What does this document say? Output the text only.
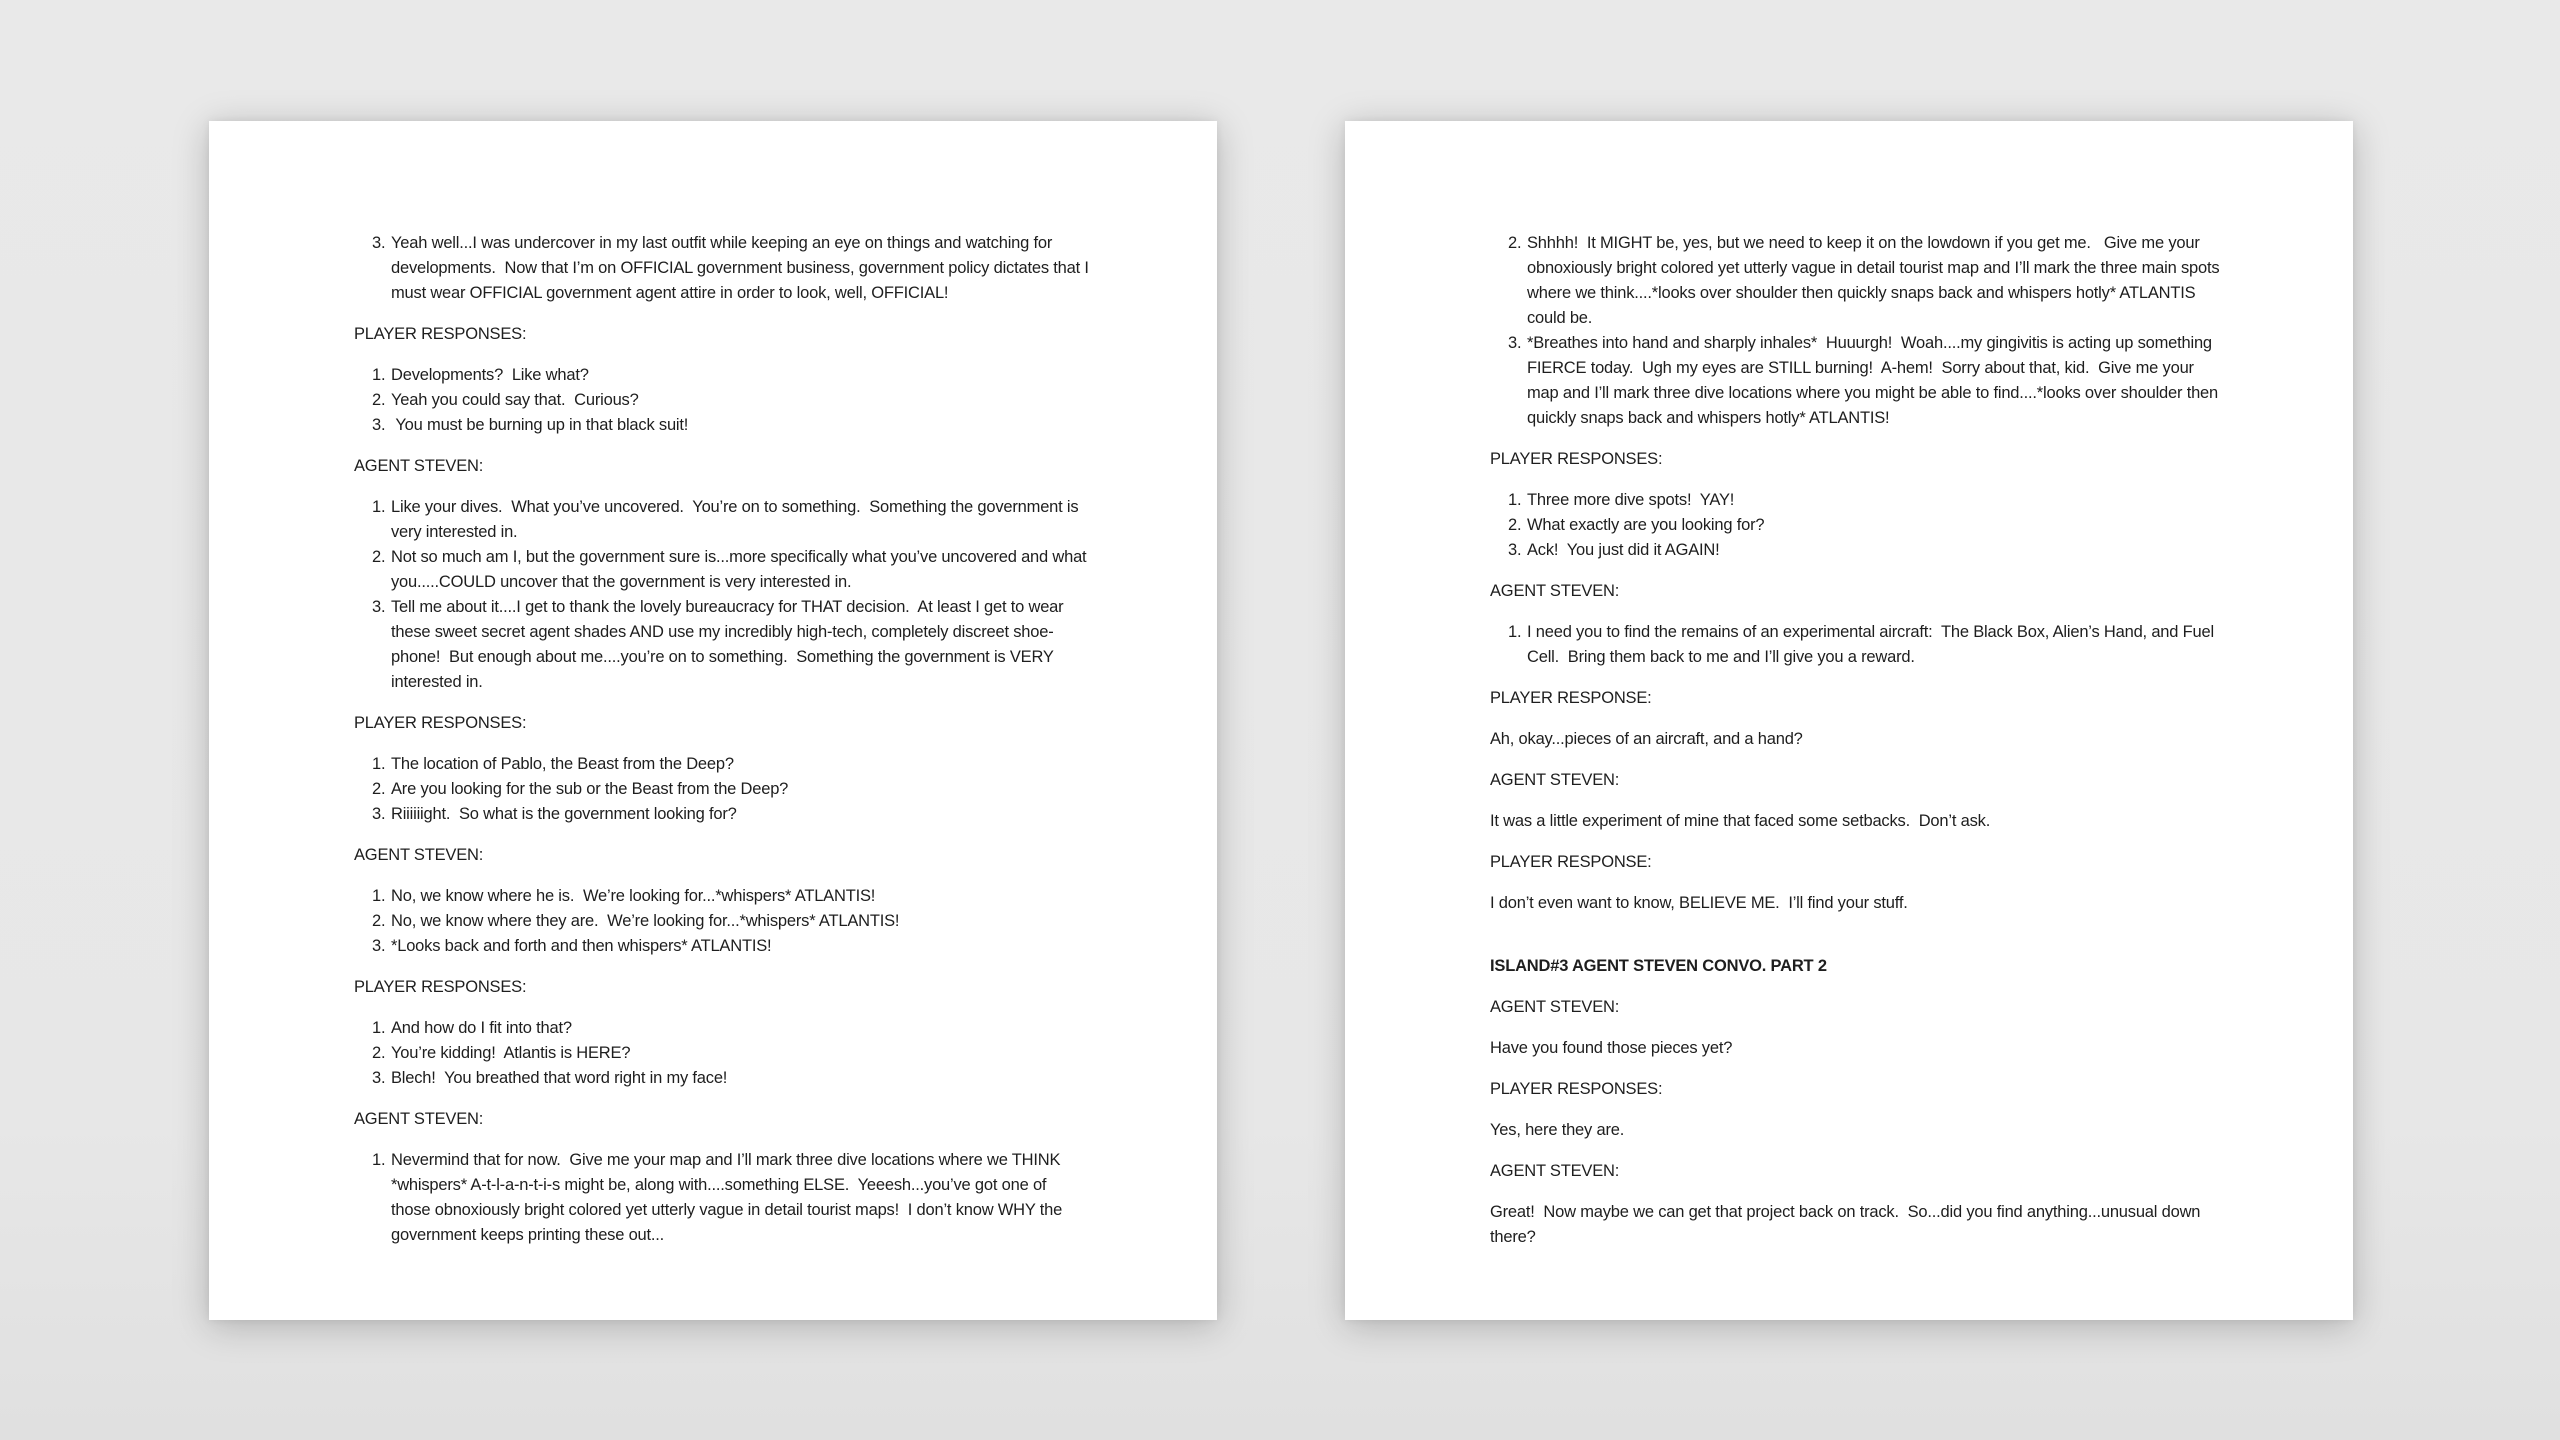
3. Yeah well...I was undercover in my last outfit while keeping an eye on things and watching for developments.  Now that I’m on OFFICIAL government business, government policy dictates that I must wear OFFICIAL government agent attire in order to look, well, OFFICIAL!

PLAYER RESPONSES:

1. Developments?  Like what?
2. Yeah you could say that.  Curious?
3. You must be burning up in that black suit!

AGENT STEVEN:

1. Like your dives.  What you’ve uncovered.  You’re on to something.  Something the government is very interested in.
2. Not so much am I, but the government sure is...more specifically what you’ve uncovered and what you.....COULD uncover that the government is very interested in.
3. Tell me about it....I get to thank the lovely bureaucracy for THAT decision.  At least I get to wear these sweet secret agent shades AND use my incredibly high-tech, completely discreet shoe-phone!  But enough about me....you’re on to something.  Something the government is VERY interested in.

PLAYER RESPONSES:

1. The location of Pablo, the Beast from the Deep?
2. Are you looking for the sub or the Beast from the Deep?
3. Riiiiiight.  So what is the government looking for?

AGENT STEVEN:

1. No, we know where he is.  We’re looking for...*whispers* ATLANTIS!
2. No, we know where they are.  We’re looking for...*whispers* ATLANTIS!
3. *Looks back and forth and then whispers* ATLANTIS!

PLAYER RESPONSES:

1. And how do I fit into that?
2. You’re kidding!  Atlantis is HERE?
3. Blech!  You breathed that word right in my face!

AGENT STEVEN:

1. Nevermind that for now.  Give me your map and I’ll mark three dive locations where we THINK *whispers* A-t-l-a-n-t-i-s might be, along with....something ELSE.  Yeeesh...you’ve got one of those obnoxiously bright colored yet utterly vague in detail tourist maps!  I don’t know WHY the government keeps printing these out...
2. Shhhh!  It MIGHT be, yes, but we need to keep it on the lowdown if you get me.   Give me your obnoxiously bright colored yet utterly vague in detail tourist map and I’ll mark the three main spots where we think....*looks over shoulder then quickly snaps back and whispers hotly* ATLANTIS could be.
3. *Breathes into hand and sharply inhales*  Huuurgh!  Woah....my gingivitis is acting up something FIERCE today.  Ugh my eyes are STILL burning!  A-hem!  Sorry about that, kid.  Give me your map and I’ll mark three dive locations where you might be able to find....*looks over shoulder then quickly snaps back and whispers hotly* ATLANTIS!

PLAYER RESPONSES:

1. Three more dive spots!  YAY!
2. What exactly are you looking for?
3. Ack!  You just did it AGAIN!

AGENT STEVEN:

1. I need you to find the remains of an experimental aircraft:  The Black Box, Alien’s Hand, and Fuel Cell.  Bring them back to me and I’ll give you a reward.

PLAYER RESPONSE:

Ah, okay...pieces of an aircraft, and a hand?

AGENT STEVEN:

It was a little experiment of mine that faced some setbacks.  Don’t ask.

PLAYER RESPONSE:

I don’t even want to know, BELIEVE ME.  I’ll find your stuff.

ISLAND#3 AGENT STEVEN CONVO. PART 2

AGENT STEVEN:

Have you found those pieces yet?

PLAYER RESPONSES:

Yes, here they are.

AGENT STEVEN:

Great!  Now maybe we can get that project back on track.  So...did you find anything...unusual down there?
